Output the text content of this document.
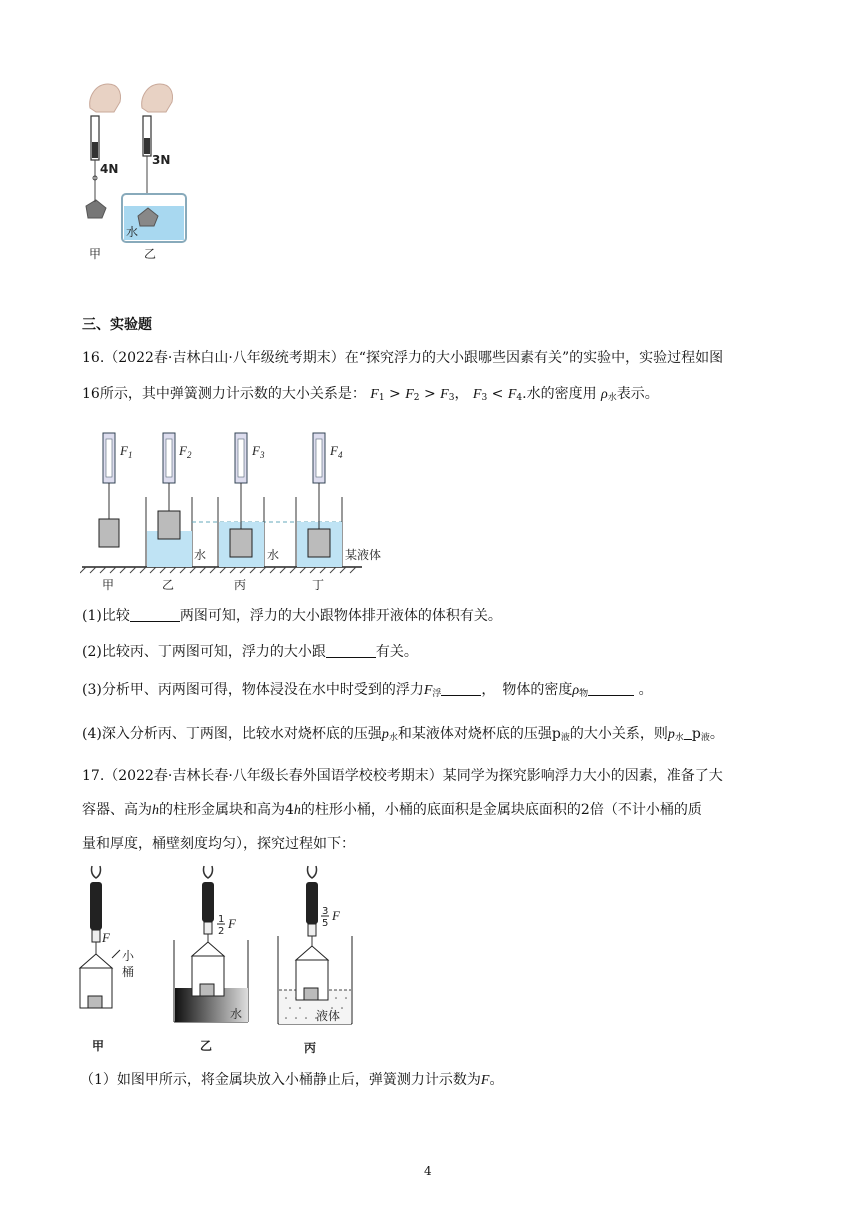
4N
3N
水
甲	乙
三、实验题
16.（2022春·吉林白山·八年级统考期末）在“探究浮力的大小跟哪些因素有关”的实验中，实验过程如图
16所示，其中弹簧测力计示数的大小关系是： $F_1 > F_2 > F_3$， $F_3 < F_4$.水的密度用 $\rho_水$表示。
$F_1$	$F_2$
水
$F_3$
水
$F_4$
某液体
甲	乙	丙	丁
(1)比较	两图可知，浮力的大小跟物体排开液体的体积有关。
(2)比较丙、丁两图可知，浮力的大小跟	有关。
(3)分析甲、丙两图可得，物体浸没在水中时受到的浮力$F_浮$	，　物体的密度$\rho_物$	。
(4)深入分析丙、丁两图，比较水对烧杯底的压强$p_水$和某液体对烧杯底的压强$p_液$的大小关系，则$p_水$ $p_液$。
17.（2022春·吉林长春·八年级长春外国语学校校考期末）某同学为探究影响浮力大小的因素，准备了大
容器、高为h的柱形金属块和高为4h的柱形小桶，小桶的底面积是金属块底面积的2倍（不计小桶的质
量和厚度，桶壁刻度均匀），探究过程如下：
F
小
桶
甲
1
2
F
水
乙
3
5
F
液体
丙
（1）如图甲所示，将金属块放入小桶静止后，弹簧测力计示数为F。
4
